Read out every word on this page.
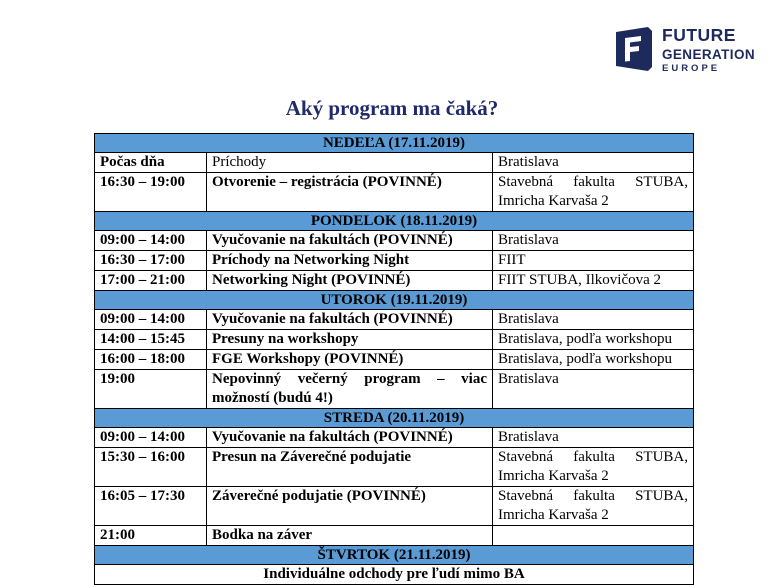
FUTURE
GENERATION
EUROPE
Aký program ma čaká?
NEDEĽA (17.11.2019)		
Počas dňa	Príchody	Bratislava
16:30 – 19:00	Otvorenie – registrácia (POVINNÉ)	Stavebná fakulta STUBA, Imricha Karvaša 2
PONDELOK (18.11.2019)		
09:00 – 14:00	Vyučovanie na fakultách (POVINNÉ)	Bratislava
16:30 – 17:00	Príchody na Networking Night	FIIT
17:00 – 21:00	Networking Night (POVINNÉ)	FIIT STUBA, Ilkovičova 2
UTOROK (19.11.2019)		
09:00 – 14:00	Vyučovanie na fakultách (POVINNÉ)	Bratislava
14:00 – 15:45	Presuny na workshopy	Bratislava, podľa workshopu
16:00 – 18:00	FGE Workshopy (POVINNÉ)	Bratislava, podľa workshopu
19:00	Nepovinný večerný program – viac možností (budú 4!)	Bratislava
STREDA (20.11.2019)		
09:00 – 14:00	Vyučovanie na fakultách (POVINNÉ)	Bratislava
15:30 – 16:00	Presun na Záverečné podujatie	Stavebná fakulta STUBA, Imricha Karvaša 2
16:05 – 17:30	Záverečné podujatie (POVINNÉ)	Stavebná fakulta STUBA, Imricha Karvaša 2
21:00	Bodka na záver	
ŠTVRTOK (21.11.2019)		
Individuálne odchody pre ľudí mimo BA		
